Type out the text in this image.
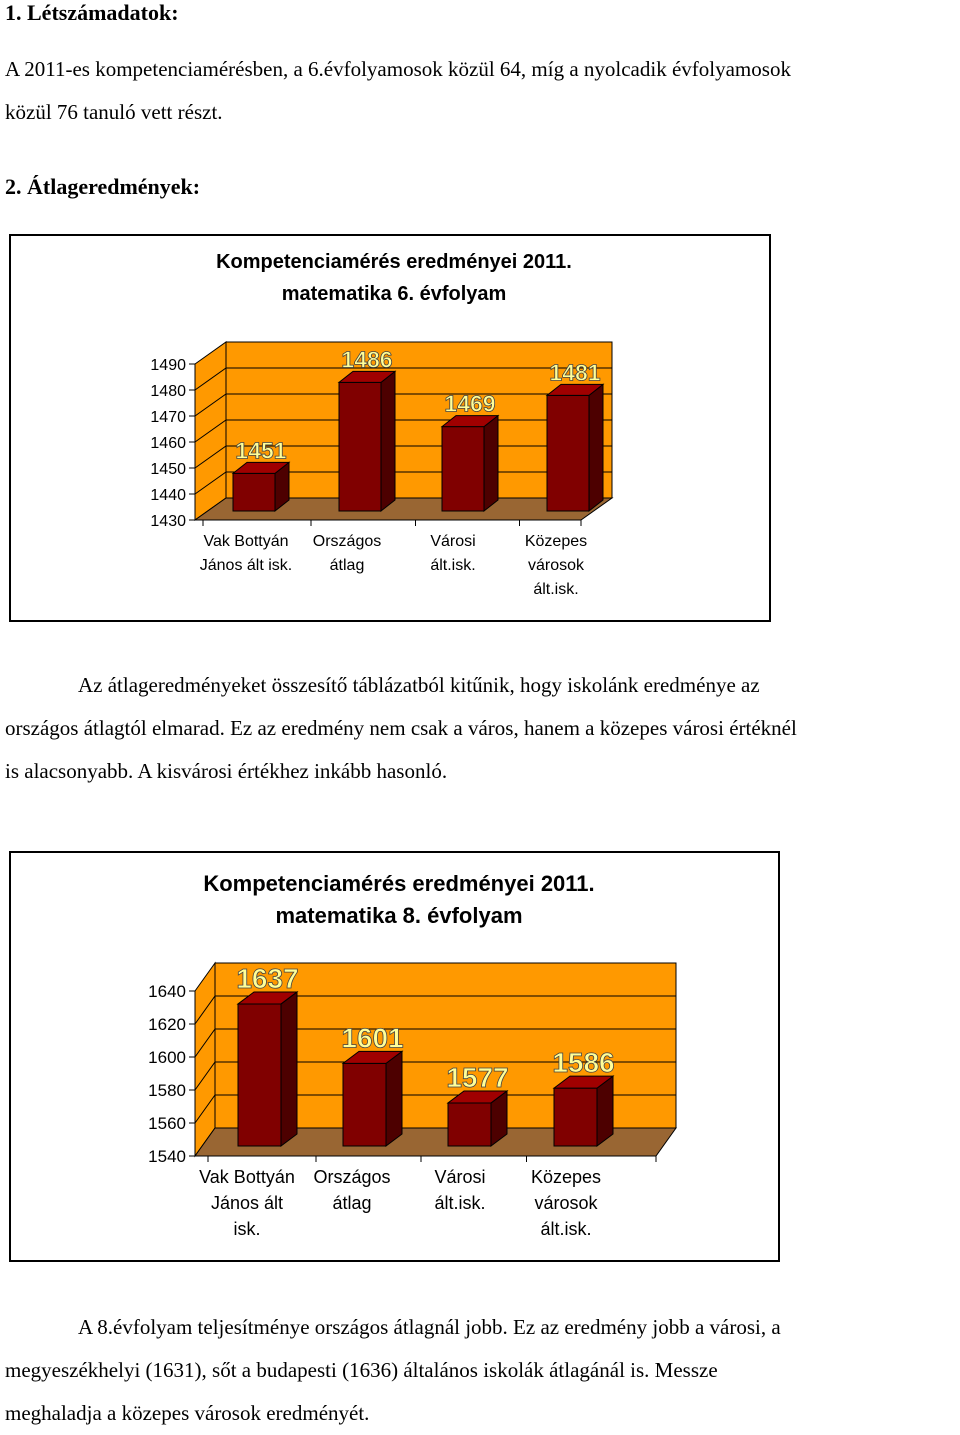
1. Létszámadatok:
A 2011-es kompetenciamérésben, a 6.évfolyamosok közül 64, míg a nyolcadik évfolyamosok
közül 76 tanuló vett részt.
2. Átlageredmények:
Kompetenciamérés eredményei 2011.
matematika 6. évfolyam
1490
1480
1470
1460
1450
1440
1430
1451
1486
1469
1481
Vak Bottyán
János ált isk.
Országos
átlag
Városi
ált.isk.
Közepes
városok
ált.isk.
Az átlageredményeket összesítő táblázatból kitűnik, hogy iskolánk eredménye az
országos átlagtól elmarad. Ez az eredmény nem csak a város, hanem a közepes városi értéknél
is alacsonyabb. A kisvárosi értékhez inkább hasonló.
Kompetenciamérés eredményei 2011.
matematika 8. évfolyam
1640
1620
1600
1580
1560
1540
1637
1601
1577 1586
Vak Bottyán
János ált
isk.
Országos
átlag
Városi
ált.isk.
Közepes
városok
ált.isk.
A 8.évfolyam teljesítménye országos átlagnál jobb. Ez az eredmény jobb a városi, a
megyeszékhelyi (1631), sőt a budapesti (1636) általános iskolák átlagánál is. Messze
meghaladja a közepes városok eredményét.
